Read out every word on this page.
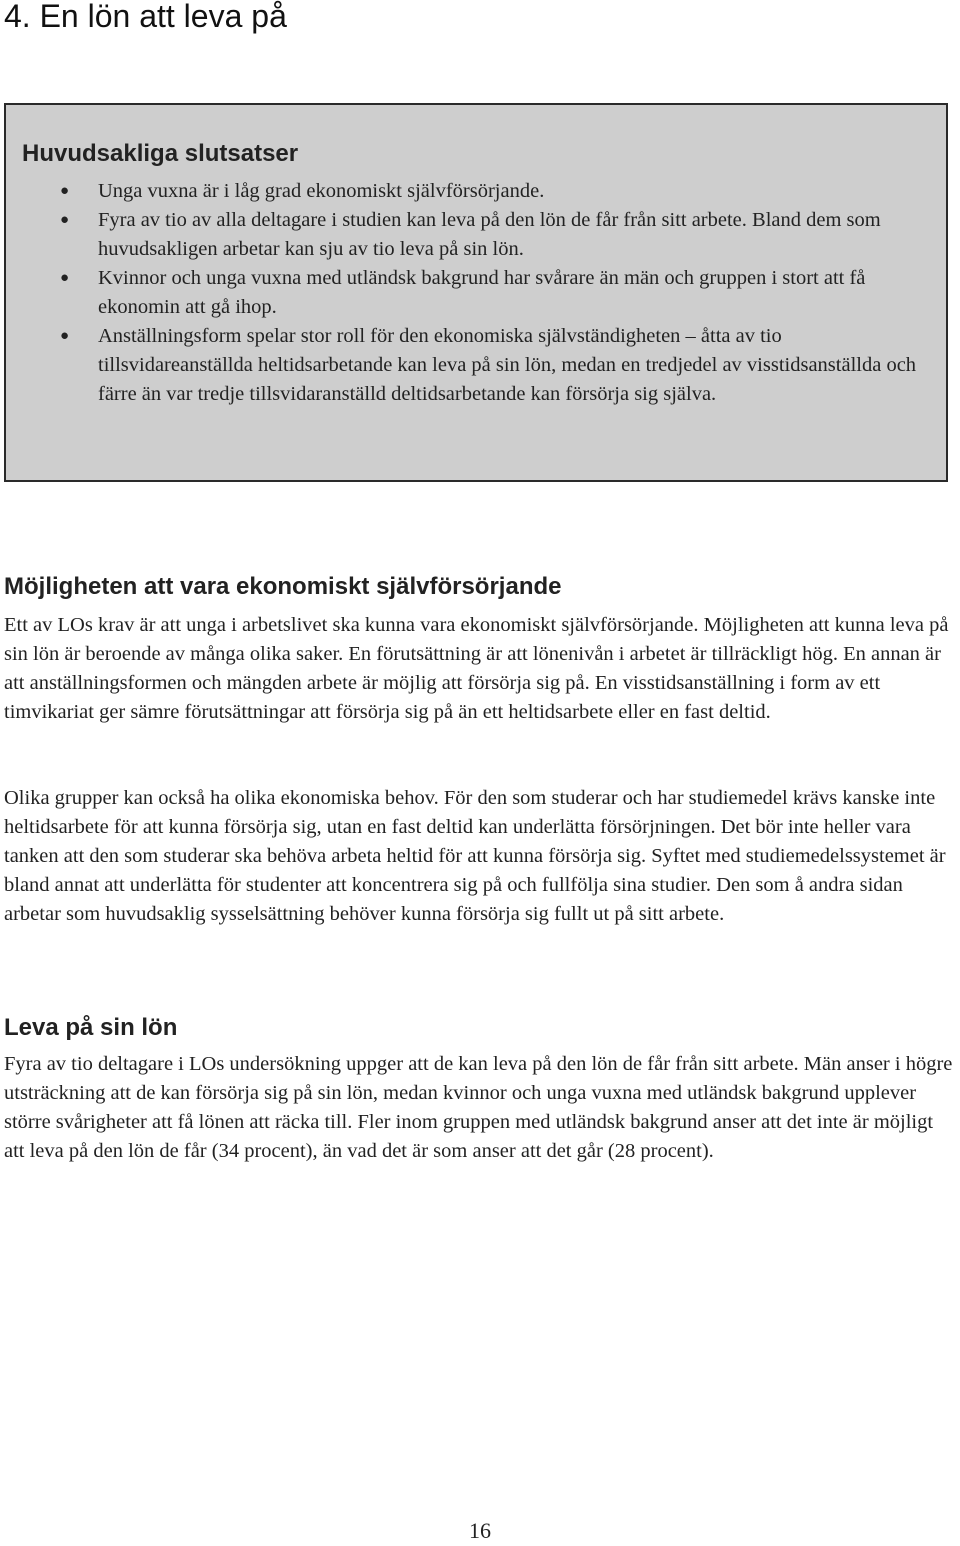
4. En lön att leva på
Huvudsakliga slutsatser
● Unga vuxna är i låg grad ekonomiskt självförsörjande.
● Fyra av tio av alla deltagare i studien kan leva på den lön de får från sitt arbete. Bland dem som huvudsakligen arbetar kan sju av tio leva på sin lön.
● Kvinnor och unga vuxna med utländsk bakgrund har svårare än män och gruppen i stort att få ekonomin att gå ihop.
● Anställningsform spelar stor roll för den ekonomiska självständigheten – åtta av tio tillsvidareanställda heltidsarbetande kan leva på sin lön, medan en tredjedel av visstidsanställda och färre än var tredje tillsvidaranställd deltidsarbetande kan försörja sig själva.
Möjligheten att vara ekonomiskt självförsörjande

Ett av LOs krav är att unga i arbetslivet ska kunna vara ekonomiskt självförsörjande. Möjligheten att kunna leva på sin lön är beroende av många olika saker. En förutsättning är att lönenivån i arbetet är tillräckligt hög. En annan är att anställningsformen och mängden arbete är möjlig att försörja sig på. En visstidsanställning i form av ett timvikariat ger sämre förutsättningar att försörja sig på än ett heltidsarbete eller en fast deltid.

Olika grupper kan också ha olika ekonomiska behov. För den som studerar och har studiemedel krävs kanske inte heltidsarbete för att kunna försörja sig, utan en fast deltid kan underlätta försörjningen. Det bör inte heller vara tanken att den som studerar ska behöva arbeta heltid för att kunna försörja sig. Syftet med studiemedelssystemet är bland annat att underlätta för studenter att koncentrera sig på och fullfölja sina studier. Den som å andra sidan arbetar som huvudsaklig sysselsättning behöver kunna försörja sig fullt ut på sitt arbete.

Leva på sin lön

Fyra av tio deltagare i LOs undersökning uppger att de kan leva på den lön de får från sitt arbete. Män anser i högre utsträckning att de kan försörja sig på sin lön, medan kvinnor och unga vuxna med utländsk bakgrund upplever större svårigheter att få lönen att räcka till. Fler inom gruppen med utländsk bakgrund anser att det inte är möjligt att leva på den lön de får (34 procent), än vad det är som anser att det går (28 procent).

16
